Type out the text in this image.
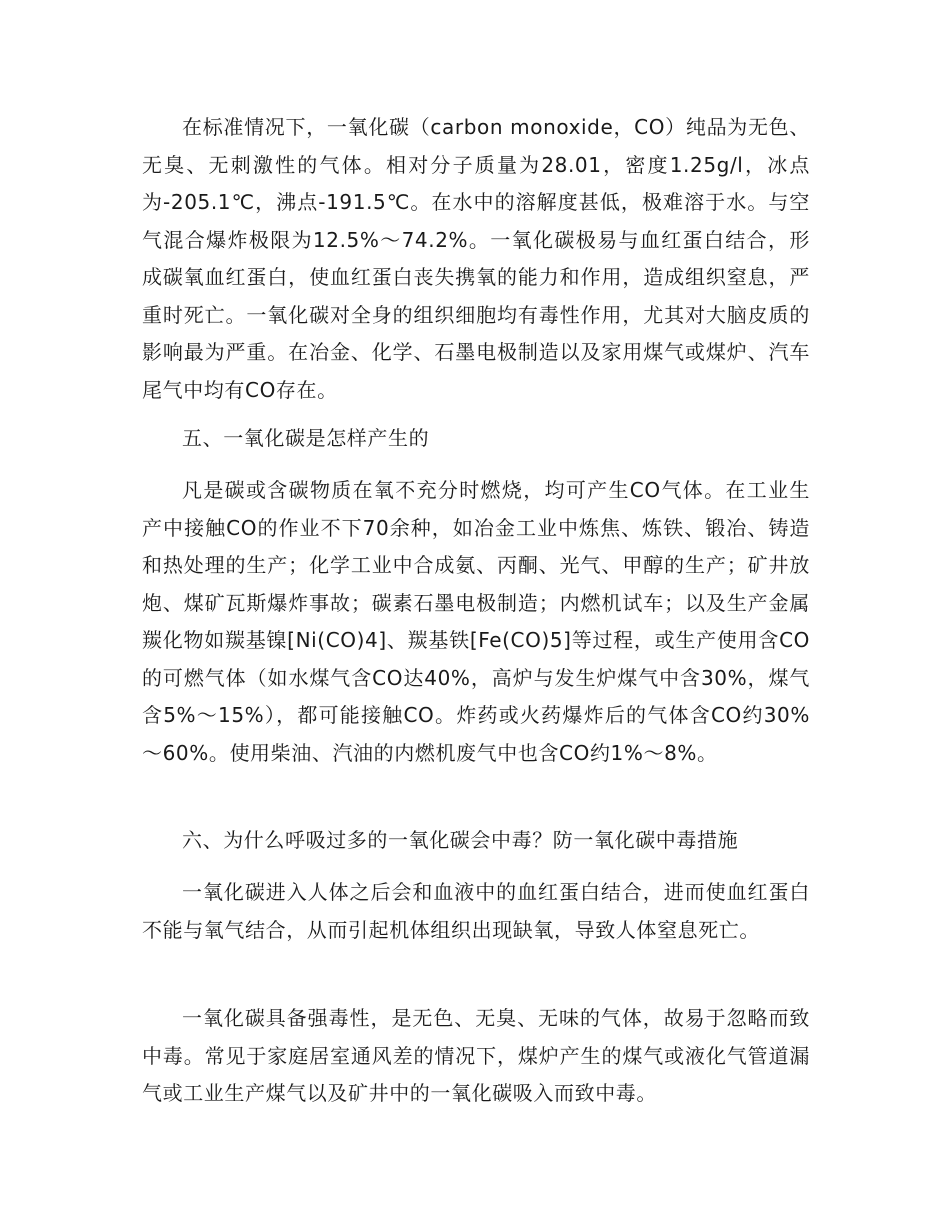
在标准情况下，一氧化碳（carbon monoxide，CO）纯品为无色、无臭、无刺激性的气体。相对分子质量为28.01，密度1.25g/l，冰点为-205.1℃，沸点-191.5℃。在水中的溶解度甚低，极难溶于水。与空气混合爆炸极限为12.5%～74.2%。一氧化碳极易与血红蛋白结合，形成碳氧血红蛋白，使血红蛋白丧失携氧的能力和作用，造成组织窒息，严重时死亡。一氧化碳对全身的组织细胞均有毒性作用，尤其对大脑皮质的影响最为严重。在冶金、化学、石墨电极制造以及家用煤气或煤炉、汽车尾气中均有CO存在。

五、一氧化碳是怎样产生的

凡是碳或含碳物质在氧不充分时燃烧，均可产生CO气体。在工业生产中接触CO的作业不下70余种，如冶金工业中炼焦、炼铁、锻冶、铸造和热处理的生产；化学工业中合成氨、丙酮、光气、甲醇的生产；矿井放炮、煤矿瓦斯爆炸事故；碳素石墨电极制造；内燃机试车；以及生产金属羰化物如羰基镍[Ni(CO)4]、羰基铁[Fe(CO)5]等过程，或生产使用含CO的可燃气体（如水煤气含CO达40%，高炉与发生炉煤气中含30%，煤气含5%～15%），都可能接触CO。炸药或火药爆炸后的气体含CO约30%～60%。使用柴油、汽油的内燃机废气中也含CO约1%～8%。

六、为什么呼吸过多的一氧化碳会中毒？防一氧化碳中毒措施

一氧化碳进入人体之后会和血液中的血红蛋白结合，进而使血红蛋白不能与氧气结合，从而引起机体组织出现缺氧，导致人体窒息死亡。

一氧化碳具备强毒性，是无色、无臭、无味的气体，故易于忽略而致中毒。常见于家庭居室通风差的情况下，煤炉产生的煤气或液化气管道漏气或工业生产煤气以及矿井中的一氧化碳吸入而致中毒。
